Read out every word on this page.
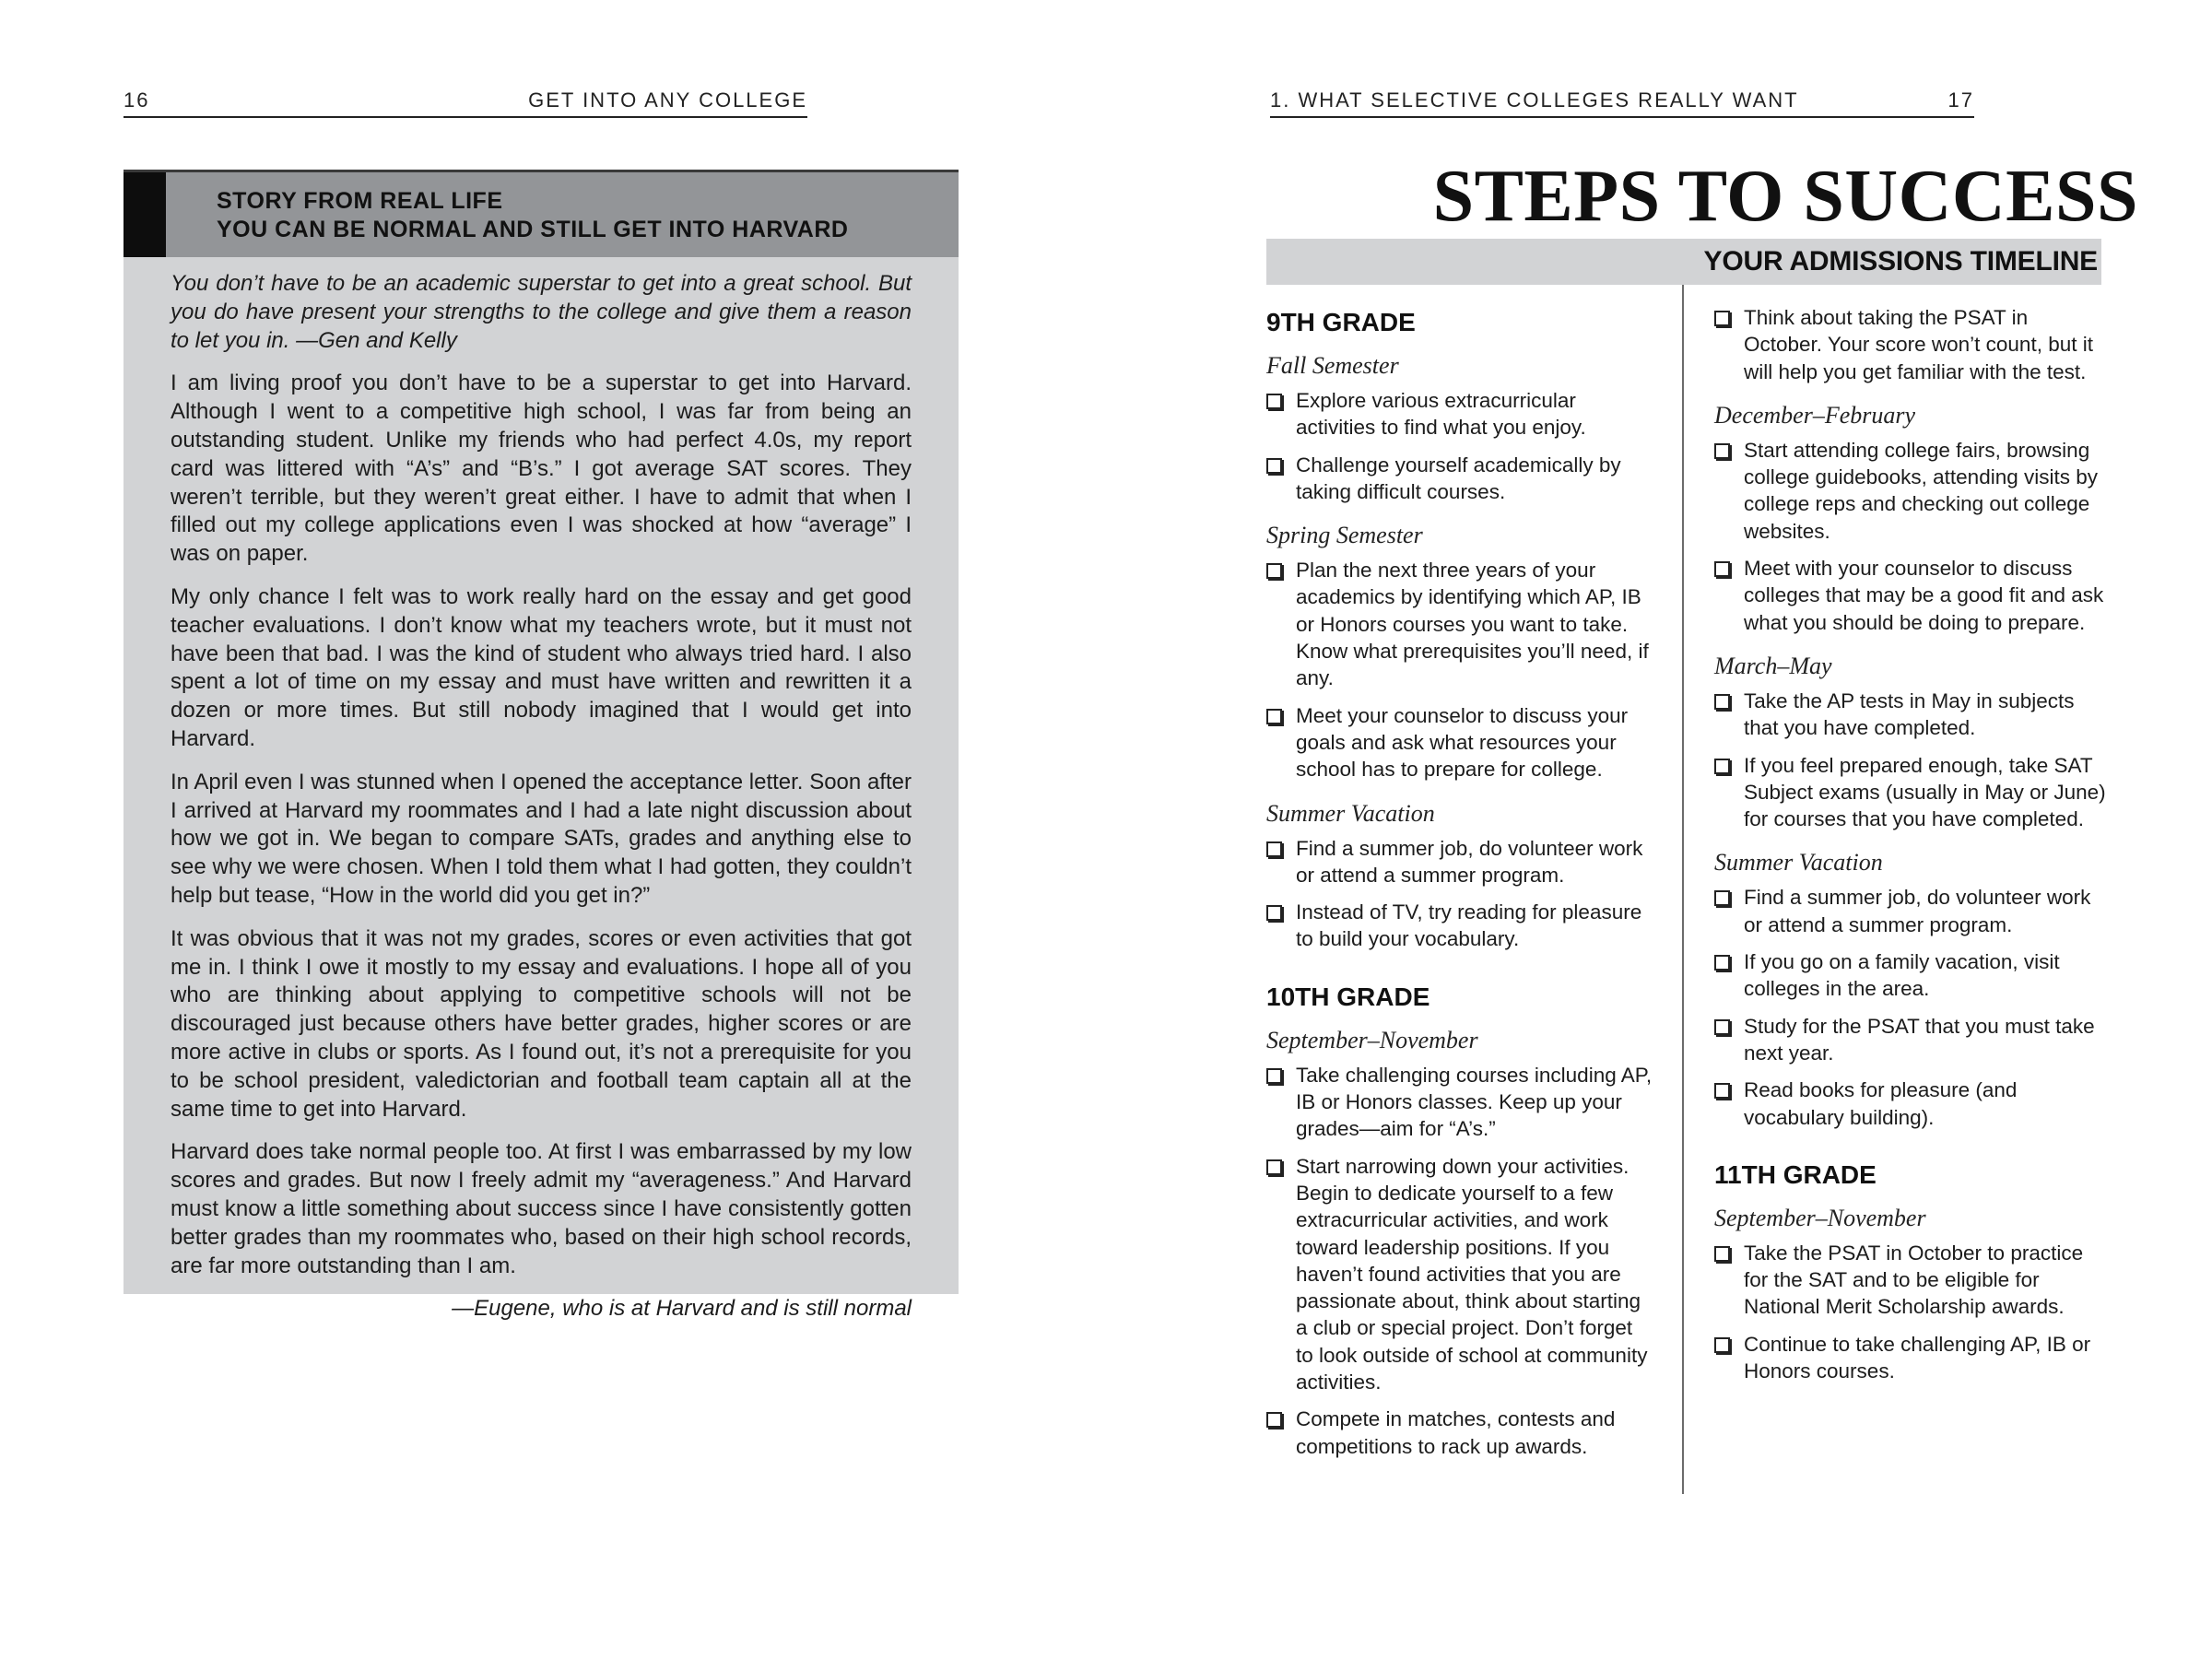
16	GET INTO ANY COLLEGE
STORY FROM REAL LIFE
YOU CAN BE NORMAL AND STILL GET INTO HARVARD

You don’t have to be an academic superstar to get into a great school. But you do have present your strengths to the college and give them a reason to let you in. —Gen and Kelly

I am living proof you don’t have to be a superstar to get into Harvard. Although I went to a competitive high school, I was far from being an outstanding student. Unlike my friends who had perfect 4.0s, my report card was littered with “A’s” and “B’s.” I got average SAT scores. They weren’t terrible, but they weren’t great either. I have to admit that when I filled out my college applications even I was shocked at how “average” I was on paper.

My only chance I felt was to work really hard on the essay and get good teacher evaluations. I don’t know what my teachers wrote, but it must not have been that bad. I was the kind of student who always tried hard. I also spent a lot of time on my essay and must have written and rewritten it a dozen or more times. But still nobody imagined that I would get into Harvard.

In April even I was stunned when I opened the acceptance letter. Soon after I arrived at Harvard my roommates and I had a late night discussion about how we got in. We began to compare SATs, grades and anything else to see why we were chosen. When I told them what I had gotten, they couldn’t help but tease, “How in the world did you get in?”

It was obvious that it was not my grades, scores or even activities that got me in. I think I owe it mostly to my essay and evaluations. I hope all of you who are thinking about applying to competitive schools will not be discouraged just because others have better grades, higher scores or are more active in clubs or sports. As I found out, it’s not a prerequisite for you to be school president, valedictorian and football team captain all at the same time to get into Harvard.

Harvard does take normal people too. At first I was embarrassed by my low scores and grades. But now I freely admit my “averageness.” And Harvard must know a little something about success since I have consistently gotten better grades than my roommates who, based on their high school records, are far more outstanding than I am.

—Eugene, who is at Harvard and is still normal

1. WHAT SELECTIVE COLLEGES REALLY WANT	17
STEPS TO SUCCESS
YOUR ADMISSIONS TIMELINE
9TH GRADE
Fall Semester
Explore various extracurricular activities to find what you enjoy.
Challenge yourself academically by taking difficult courses.
Spring Semester
Plan the next three years of your academics by identifying which AP, IB or Honors courses you want to take. Know what prerequisites you’ll need, if any.
Meet your counselor to discuss your goals and ask what resources your school has to prepare for college.
Summer Vacation
Find a summer job, do volunteer work or attend a summer program.
Instead of TV, try reading for pleasure to build your vocabulary.
10TH GRADE
September–November
Take challenging courses including AP, IB or Honors classes. Keep up your grades—aim for “A’s.”
Start narrowing down your activities. Begin to dedicate yourself to a few extracurricular activities, and work toward leadership positions. If you haven’t found activities that you are passionate about, think about starting a club or special project. Don’t forget to look outside of school at community activities.
Compete in matches, contests and competitions to rack up awards.
Think about taking the PSAT in October. Your score won’t count, but it will help you get familiar with the test.
December–February
Start attending college fairs, browsing college guidebooks, attending visits by college reps and checking out college websites.
Meet with your counselor to discuss colleges that may be a good fit and ask what you should be doing to prepare.
March–May
Take the AP tests in May in subjects that you have completed.
If you feel prepared enough, take SAT Subject exams (usually in May or June) for courses that you have completed.
Summer Vacation
Find a summer job, do volunteer work or attend a summer program.
If you go on a family vacation, visit colleges in the area.
Study for the PSAT that you must take next year.
Read books for pleasure (and vocabulary building).
11TH GRADE
September–November
Take the PSAT in October to practice for the SAT and to be eligible for National Merit Scholarship awards.
Continue to take challenging AP, IB or Honors courses.
